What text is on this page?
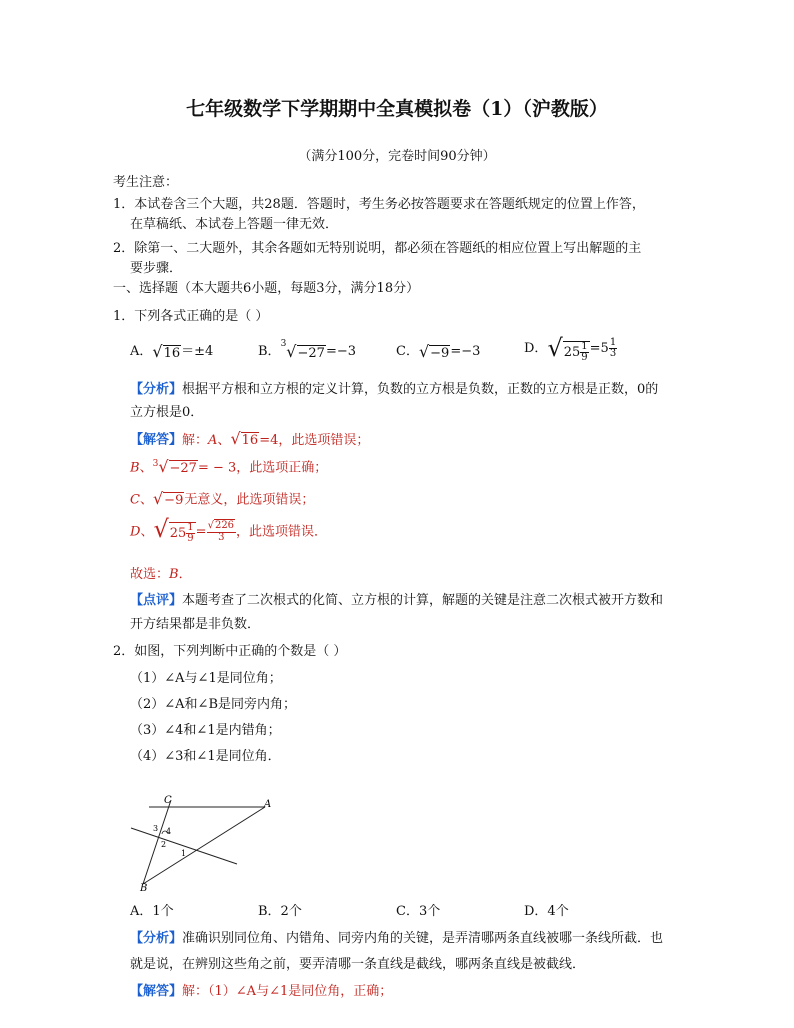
七年级数学下学期期中全真模拟卷（1）（沪教版）
（满分100分，完卷时间90分钟）
考生注意：
1．本试卷含三个大题，共28题．答题时，考生务必按答题要求在答题纸规定的位置上作答，
在草稿纸、本试卷上答题一律无效．
2．除第一、二大题外，其余各题如无特别说明，都必须在答题纸的相应位置上写出解题的主
要步骤．
一、选择题（本大题共6小题，每题3分，满分18分）
1．下列各式正确的是（ ）
A．√16＝±4	B．$^3$√−27=−3	C．√−9=−3	D．$√25 \frac{1}{9} =5 \frac{1}{3}$
【分析】根据平方根和立方根的定义计算，负数的立方根是负数，正数的立方根是正数，0的
立方根是0．
【解答】解：A、√16=4，此选项错误；
B、$^3$√−27= − 3，此选项正确；
C、√−9无意义，此选项错误；
D、$√25 \frac{1}{9} = \frac{√226}{3}$ ，此选项错误．
故选：B．
【点评】本题考查了二次根式的化简、立方根的计算，解题的关键是注意二次根式被开方数和
开方结果都是非负数．
2．如图，下列判断中正确的个数是（ ）
（1）∠A与∠1是同位角；
（2）∠A和∠B是同旁内角；
（3）∠4和∠1是内错角；
（4）∠3和∠1是同位角．
C	A
B
3 4
2
1
A．1个	B．2个	C．3个	D．4个
【分析】准确识别同位角、内错角、同旁内角的关键，是弄清哪两条直线被哪一条线所截．也
就是说，在辨别这些角之前，要弄清哪一条直线是截线，哪两条直线是被截线．
【解答】解：（1）∠A与∠1是同位角，正确；
